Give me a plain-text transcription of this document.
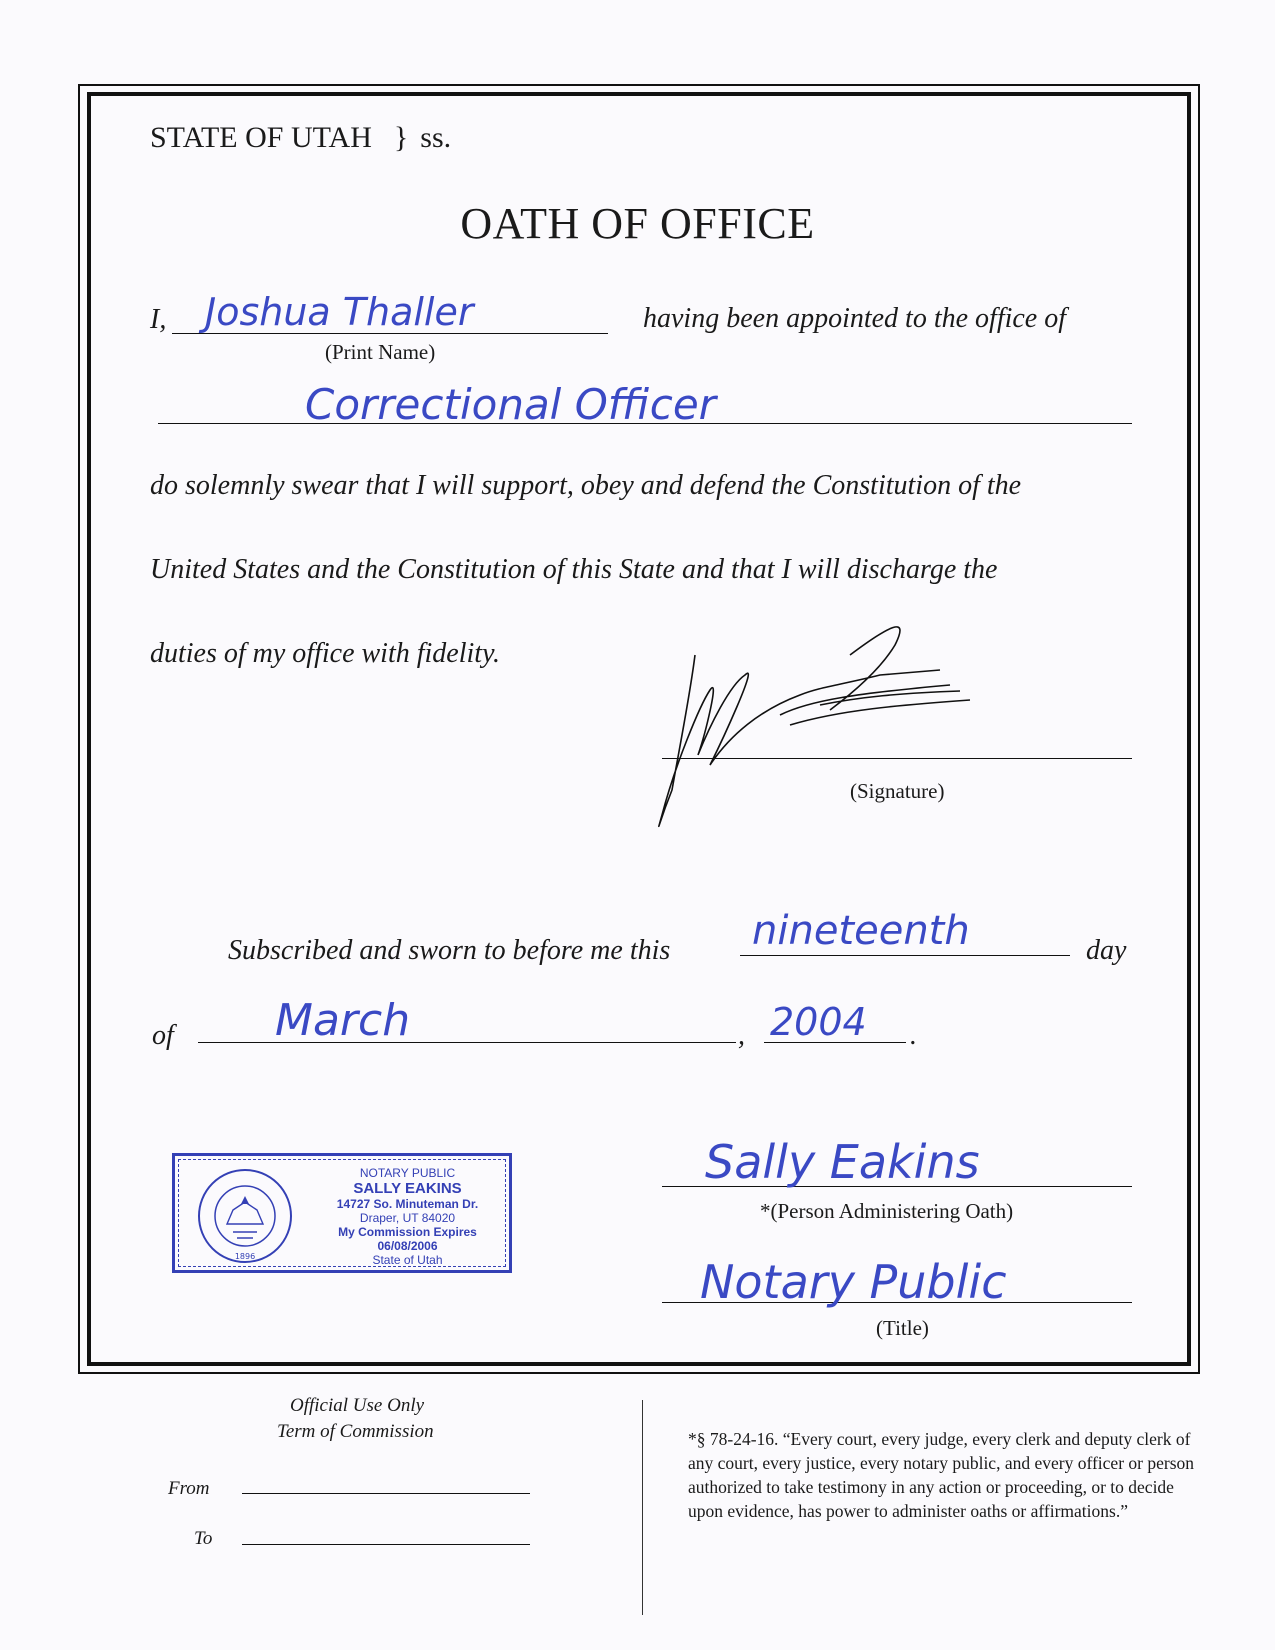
STATE OF UTAH } ss.
OATH OF OFFICE
I, Joshua Thaller
(Print Name)
having been appointed to the office of
Correctional Officer
do solemnly swear that I will support, obey and defend the Constitution of the
United States and the Constitution of this State and that I will discharge the
duties of my office with fidelity.
(Signature)
Subscribed and sworn to before me this nineteenth	day
of March	, 2004 .
1896
NOTARY PUBLIC
SALLY EAKINS
14727 So. Minuteman Dr.
Draper, UT 84020
My Commission Expires 06/08/2006
State of Utah
Sally Eakins
*(Person Administering Oath)
Notary Public
(Title)
Official Use Only
Term of Commission
From
To
*§ 78-24-16. “Every court, every judge, every clerk and deputy clerk of any court, every justice, every notary public, and every officer or person authorized to take testimony in any action or proceeding, or to decide upon evidence, has power to administer oaths or affirmations.”
